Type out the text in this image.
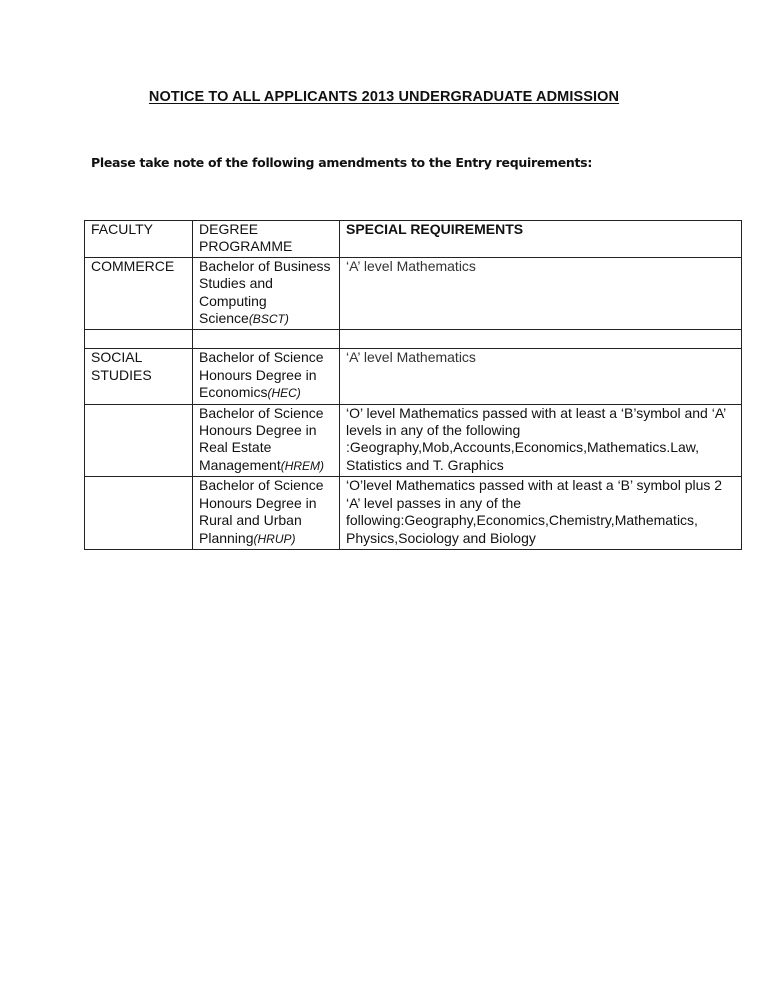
NOTICE TO ALL APPLICANTS 2013 UNDERGRADUATE ADMISSION
Please take note of the following amendments to the Entry requirements:
FACULTY	DEGREE PROGRAMME	SPECIAL REQUIREMENTS
COMMERCE	Bachelor of Business Studies and Computing Science(BSCT)	‘A’ level Mathematics

SOCIAL STUDIES	Bachelor of Science Honours Degree in Economics(HEC)	‘A’ level Mathematics
	Bachelor of Science Honours Degree in Real Estate Management(HREM)	‘O’ level Mathematics passed with at least a ‘B’symbol and ‘A’ levels in any of the following :Geography,Mob,Accounts,Economics,Mathematics.Law, Statistics and T. Graphics
	Bachelor of Science Honours Degree in Rural and Urban Planning(HRUP)	‘O’level Mathematics passed with at least a ‘B’ symbol plus 2 ‘A’ level passes in any of the following:Geography,Economics,Chemistry,Mathematics, Physics,Sociology and Biology
